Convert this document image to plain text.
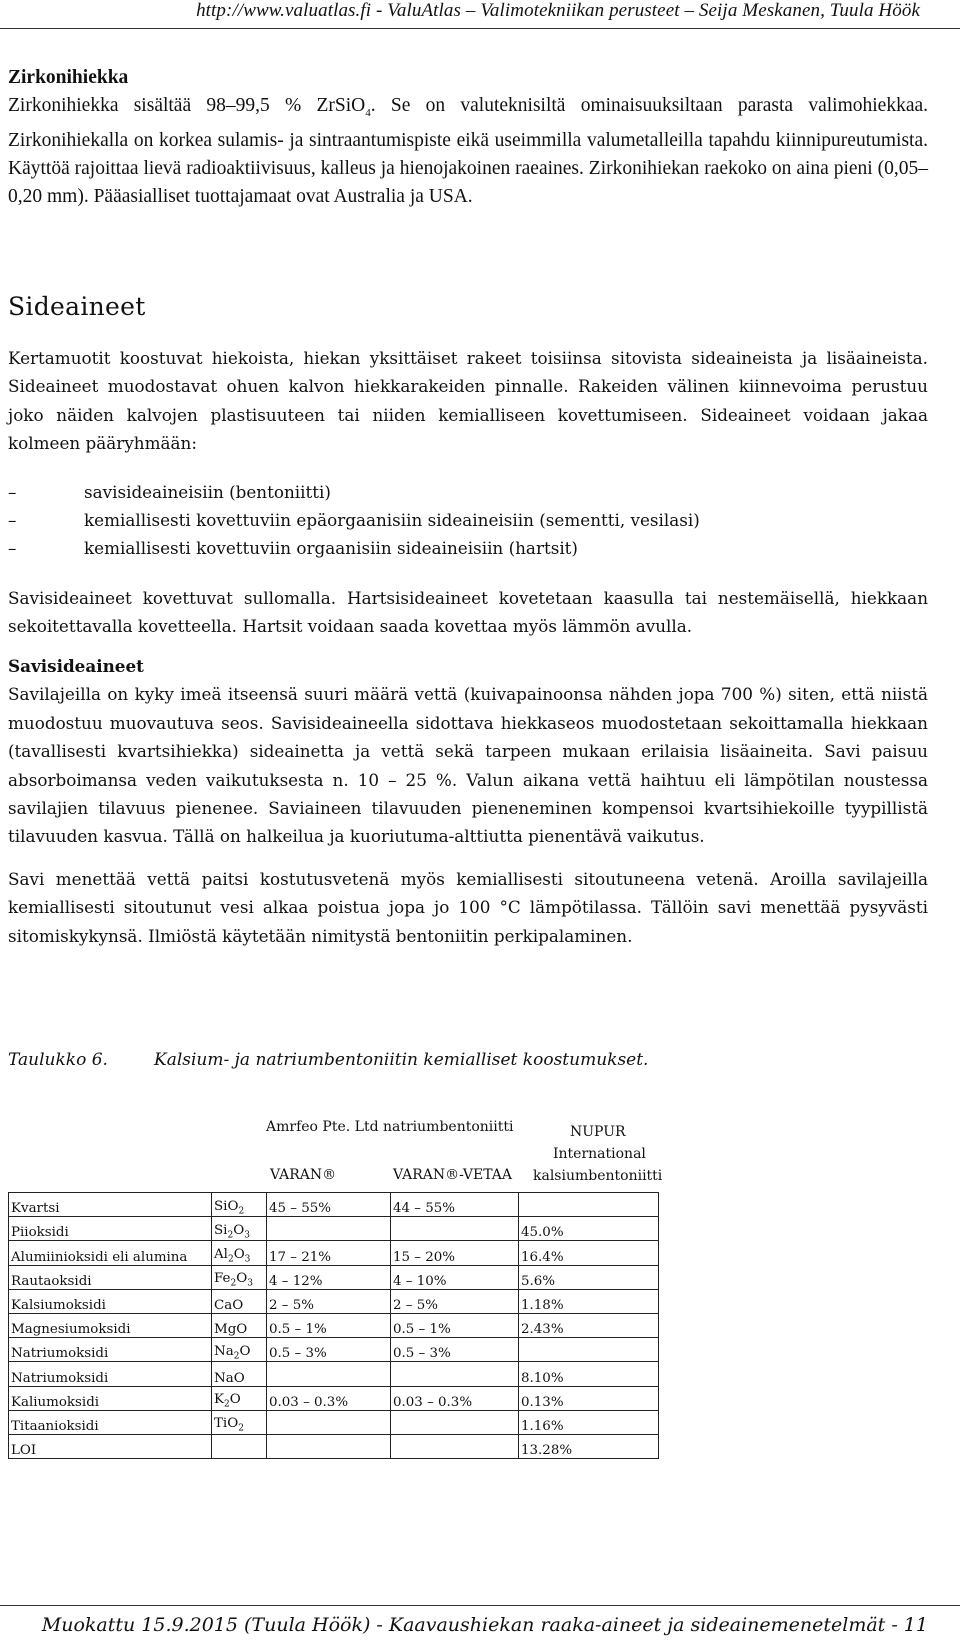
http://www.valuatlas.fi - ValuAtlas – Valimotekniikan perusteet – Seija Meskanen, Tuula Höök

Zirkonihiekka
Zirkonihiekka sisältää 98–99,5 % ZrSiO$_4$. Se on valuteknisiltä ominaisuuksiltaan parasta valimohiekkaa. Zirkonihiekalla on korkea sulamis- ja sintraantumispiste eikä useimmilla valumetalleilla tapahdu kiinnipureutumista. Käyttöä rajoittaa lievä radioaktiivisuus, kalleus ja hienojakoinen raeaines. Zirkonihiekan raekoko on aina pieni (0,05–0,20 mm). Pääasialliset tuottajamaat ovat Australia ja USA.

Sideaineet

Kertamuotit koostuvat hiekoista, hiekan yksittäiset rakeet toisiinsa sitovista sideaineista ja lisäaineista. Sideaineet muodostavat ohuen kalvon hiekkarakeiden pinnalle. Rakeiden välinen kiinnevoima perustuu joko näiden kalvojen plastisuuteen tai niiden kemialliseen kovettumiseen. Sideaineet voidaan jakaa kolmeen pääryhmään:

–	savisideaineisiin (bentoniitti)
–	kemiallisesti kovettuviin epäorgaanisiin sideaineisiin (sementti, vesilasi)
–	kemiallisesti kovettuviin orgaanisiin sideaineisiin (hartsit)

Savisideaineet kovettuvat sullomalla. Hartsisideaineet kovetetaan kaasulla tai nestemäisellä, hiekkaan sekoitettavalla kovetteella. Hartsit voidaan saada kovettaa myös lämmön avulla.

Savisideaineet

Savilajeilla on kyky imeä itseensä suuri määrä vettä (kuivapainoonsa nähden jopa 700 %) siten, että niistä muodostuu muovautuva seos. Savisideaineella sidottava hiekkaseos muodostetaan sekoittamalla hiekkaan (tavallisesti kvartsihiekka) sideainetta ja vettä sekä tarpeen mukaan erilaisia lisäaineita. Savi paisuu absorboimansa veden vaikutuksesta n. 10 – 25 %. Valun aikana vettä haihtuu eli lämpötilan noustessa savilajien tilavuus pienenee. Saviaineen tilavuuden pieneneminen kompensoi kvartsihiekoille tyypillistä tilavuuden kasvua. Tällä on halkeilua ja kuoriutuma-alttiutta pienentävä vaikutus.

Savi menettää vettä paitsi kostutusvetenä myös kemiallisesti sitoutuneena vetenä. Aroilla savilajeilla kemiallisesti sitoutunut vesi alkaa poistua jopa jo 100 °C lämpötilassa. Tällöin savi menettää pysyvästi sitomiskykynsä. Ilmiöstä käytetään nimitystä bentoniitin perkipalaminen.

Taulukko 6.	Kalsium- ja natriumbentoniitin kemialliset koostumukset.
Amrfeo Pte. Ltd natriumbentoniitti
VARAN®	VARAN®-VETAA
NUPUR
International
kalsiumbentoniitti
Kvartsi	SiO$_2$	45 – 55%	44 – 55%	
Piioksidi	$Si_2O_3$			45.0%
Alumiinioksidi eli alumina	$Al_2O_3$	17 – 21%	15 – 20%	16.4%
Rautaoksidi	$Fe_2O_3$	4 – 12%	4 – 10%	5.6%
Kalsiumoksidi	CaO	2 – 5%	2 – 5%	1.18%
Magnesiumoksidi	MgO	0.5 – 1%	0.5 – 1%	2.43%
Natriumoksidi	$Na_2O$	0.5 – 3%	0.5 – 3%	
Natriumoksidi	NaO			8.10%
Kaliumoksidi	$K_2O$	0.03 – 0.3%	0.03 – 0.3%	0.13%
Titaanioksidi	TiO$_2$			1.16%
LOI				13.28%
Muokattu 15.9.2015 (Tuula Höök) - Kaavaushiekan raaka-aineet ja sideainemenetelmät - 11
